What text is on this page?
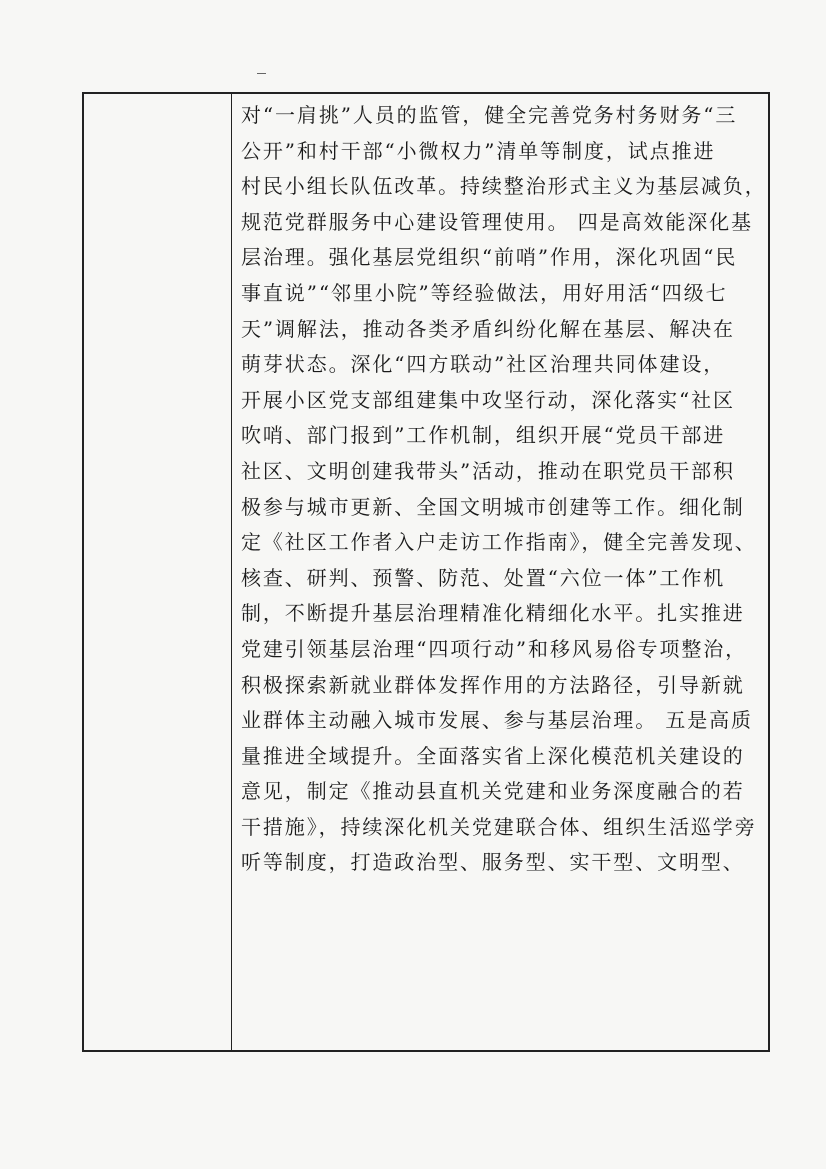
对“一肩挑”人员的监管，健全完善党务村务财务“三
公开”和村干部“小微权力”清单等制度，试点推进
村民小组长队伍改革。持续整治形式主义为基层减负，
规范党群服务中心建设管理使用。 四是高效能深化基
层治理。强化基层党组织“前哨”作用，深化巩固“民
事直说”“邻里小院”等经验做法，用好用活“四级七
天”调解法，推动各类矛盾纠纷化解在基层、解决在
萌芽状态。深化“四方联动”社区治理共同体建设，
开展小区党支部组建集中攻坚行动，深化落实“社区
吹哨、部门报到”工作机制，组织开展“党员干部进
社区、文明创建我带头”活动，推动在职党员干部积
极参与城市更新、全国文明城市创建等工作。细化制
定《社区工作者入户走访工作指南》，健全完善发现、
核查、研判、预警、防范、处置“六位一体”工作机
制，不断提升基层治理精准化精细化水平。扎实推进
党建引领基层治理“四项行动”和移风易俗专项整治，
积极探索新就业群体发挥作用的方法路径，引导新就
业群体主动融入城市发展、参与基层治理。 五是高质
量推进全域提升。全面落实省上深化模范机关建设的
意见，制定《推动县直机关党建和业务深度融合的若
干措施》，持续深化机关党建联合体、组织生活巡学旁
听等制度，打造政治型、服务型、实干型、文明型、
